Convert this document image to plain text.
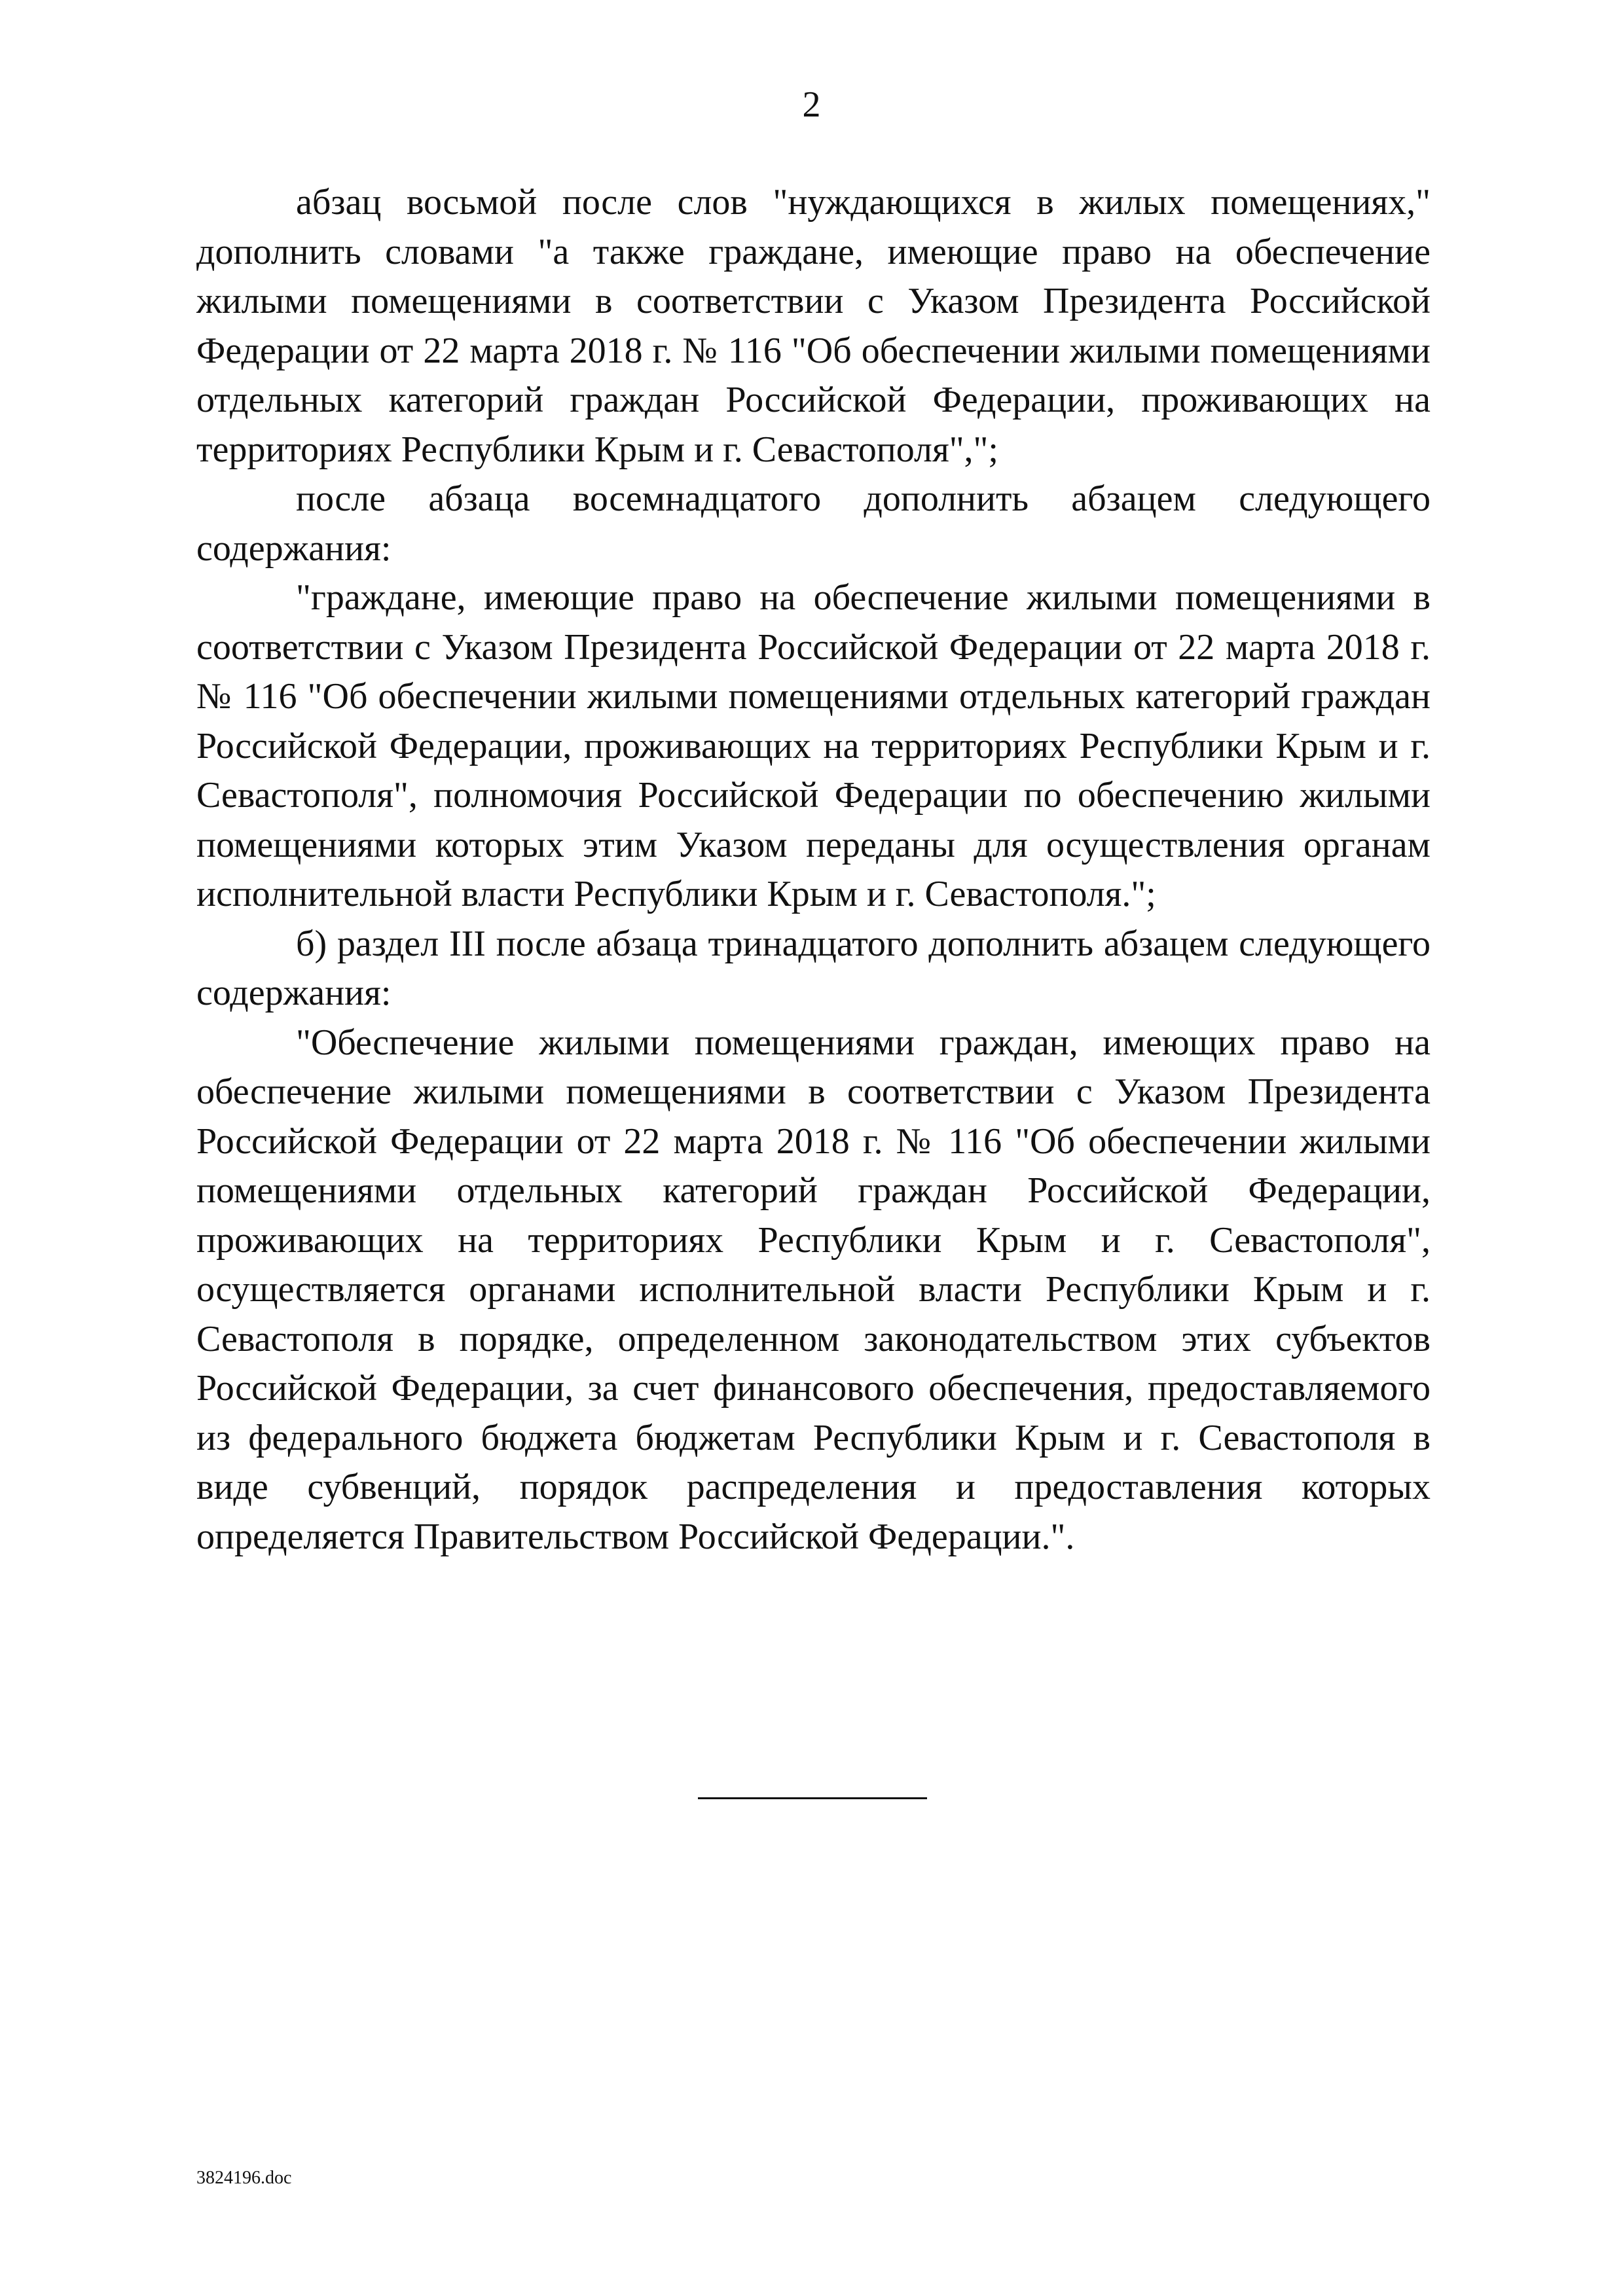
2

абзац восьмой после слов "нуждающихся в жилых помещениях," дополнить словами "а также граждане, имеющие право на обеспечение жилыми помещениями в соответствии с Указом Президента Российской Федерации от 22 марта 2018 г. № 116 "Об обеспечении жилыми помещениями отдельных категорий граждан Российской Федерации, проживающих на территориях Республики Крым и г. Севастополя",";

после абзаца восемнадцатого дополнить абзацем следующего содержания:

"граждане, имеющие право на обеспечение жилыми помещениями в соответствии с Указом Президента Российской Федерации от 22 марта 2018 г. № 116 "Об обеспечении жилыми помещениями отдельных категорий граждан Российской Федерации, проживающих на территориях Республики Крым и г. Севастополя", полномочия Российской Федерации по обеспечению жилыми помещениями которых этим Указом переданы для осуществления органам исполнительной власти Республики Крым и г. Севастополя.";

б) раздел III после абзаца тринадцатого дополнить абзацем следующего содержания:

"Обеспечение жилыми помещениями граждан, имеющих право на обеспечение жилыми помещениями в соответствии с Указом Президента Российской Федерации от 22 марта 2018 г. № 116 "Об обеспечении жилыми помещениями отдельных категорий граждан Российской Федерации, проживающих на территориях Республики Крым и г. Севастополя", осуществляется органами исполнительной власти Республики Крым и г. Севастополя в порядке, определенном законодательством этих субъектов Российской Федерации, за счет финансового обеспечения, предоставляемого из федерального бюджета бюджетам Республики Крым и г. Севастополя в виде субвенций, порядок распределения и предоставления которых определяется Правительством Российской Федерации.".

3824196.doc
